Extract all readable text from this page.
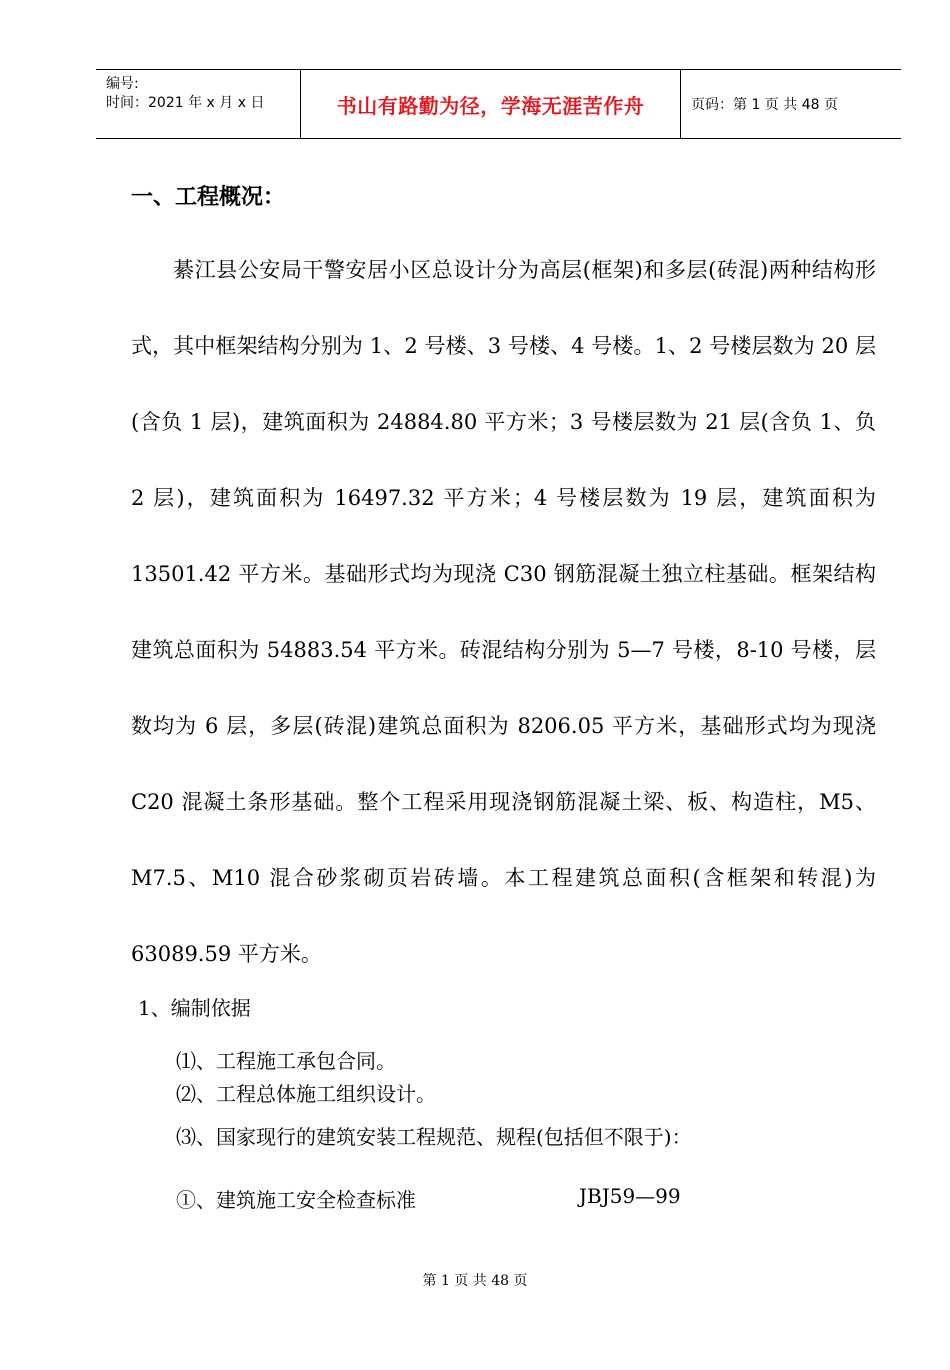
编号:
时间：2021 年 x 月 x 日	书山有路勤为径，学海无涯苦作舟	页码：第 1 页 共 48 页
一、工程概况：

綦江县公安局干警安居小区总设计分为高层(框架)和多层(砖混)两种结构形式，其中框架结构分别为 1、2 号楼、3 号楼、4 号楼。1、2 号楼层数为 20 层(含负 1 层)，建筑面积为 24884.80 平方米；3 号楼层数为 21 层(含负 1、负 2 层)，建筑面积为 16497.32 平方米；4 号楼层数为 19 层，建筑面积为 13501.42 平方米。基础形式均为现浇 C30 钢筋混凝土独立柱基础。框架结构建筑总面积为 54883.54 平方米。砖混结构分别为 5—7 号楼，8-10 号楼，层数均为 6 层，多层(砖混)建筑总面积为 8206.05 平方米，基础形式均为现浇 C20 混凝土条形基础。整个工程采用现浇钢筋混凝土梁、板、构造柱，M5、M7.5、M10 混合砂浆砌页岩砖墙。本工程建筑总面积(含框架和转混)为 63089.59 平方米。

1、编制依据

⑴、工程施工承包合同。

⑵、工程总体施工组织设计。

⑶、国家现行的建筑安装工程规范、规程(包括但不限于)：

①、建筑施工安全检查标准	JBJ59—99

第 1 页 共 48 页
